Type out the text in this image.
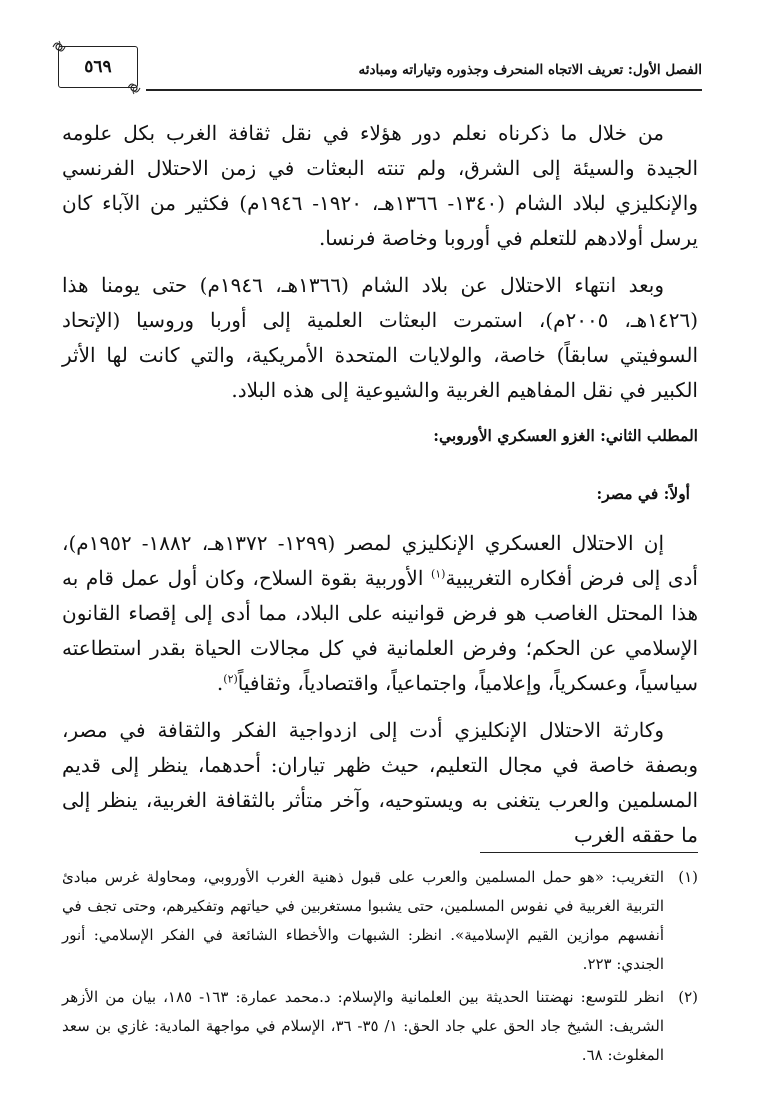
الفصل الأول: تعريف الاتجاه المنحرف وجذوره وتياراته ومبادئه
٥٦٩

من خلال ما ذكرناه نعلم دور هؤلاء في نقل ثقافة الغرب بكل علومه الجيدة والسيئة إلى الشرق، ولم تنته البعثات في زمن الاحتلال الفرنسي والإنكليزي لبلاد الشام (١٣٤٠- ١٣٦٦هـ، ١٩٢٠- ١٩٤٦م) فكثير من الآباء كان يرسل أولادهم للتعلم في أوروبا وخاصة فرنسا.

وبعد انتهاء الاحتلال عن بلاد الشام (١٣٦٦هـ، ١٩٤٦م) حتى يومنا هذا (١٤٢٦هـ، ٢٠٠٥م)، استمرت البعثات العلمية إلى أوربا وروسيا (الإتحاد السوفيتي سابقاً) خاصة، والولايات المتحدة الأمريكية، والتي كانت لها الأثر الكبير في نقل المفاهيم الغربية والشيوعية إلى هذه البلاد.

المطلب الثاني: الغزو العسكري الأوروبي:
أولاً: في مصر:

إن الاحتلال العسكري الإنكليزي لمصر (١٢٩٩- ١٣٧٢هـ، ١٨٨٢- ١٩٥٢م)، أدى إلى فرض أفكاره التغريبية$^{(١)}$ الأوربية بقوة السلاح، وكان أول عمل قام به هذا المحتل الغاصب هو فرض قوانينه على البلاد، مما أدى إلى إقصاء القانون الإسلامي عن الحكم؛ وفرض العلمانية في كل مجالات الحياة بقدر استطاعته سياسياً، وعسكرياً، وإعلامياً، واجتماعياً، واقتصادياً، وثقافياً$^{(٢)}$.

وكارثة الاحتلال الإنكليزي أدت إلى ازدواجية الفكر والثقافة في مصر، وبصفة خاصة في مجال التعليم، حيث ظهر تياران: أحدهما، ينظر إلى قديم المسلمين والعرب يتغنى به ويستوحيه، وآخر متأثر بالثقافة الغربية، ينظر إلى ما حققه الغرب

(١)
التغريب: «هو حمل المسلمين والعرب على قبول ذهنية الغرب الأوروبي، ومحاولة غرس مبادئ التربية الغربية في نفوس المسلمين، حتى يشبوا مستغربين في حياتهم وتفكيرهم، وحتى تجف في أنفسهم موازين القيم الإسلامية». انظر: الشبهات والأخطاء الشائعة في الفكر الإسلامي: أنور الجندي: ٢٢٣.
(٢)
انظر للتوسع: نهضتنا الحديثة بين العلمانية والإسلام: د.محمد عمارة: ١٦٣- ١٨٥، بيان من الأزهر الشريف: الشيخ جاد الحق علي جاد الحق: ١/ ٣٥- ٣٦، الإسلام في مواجهة المادية: غازي بن سعد المغلوث: ٦٨.
